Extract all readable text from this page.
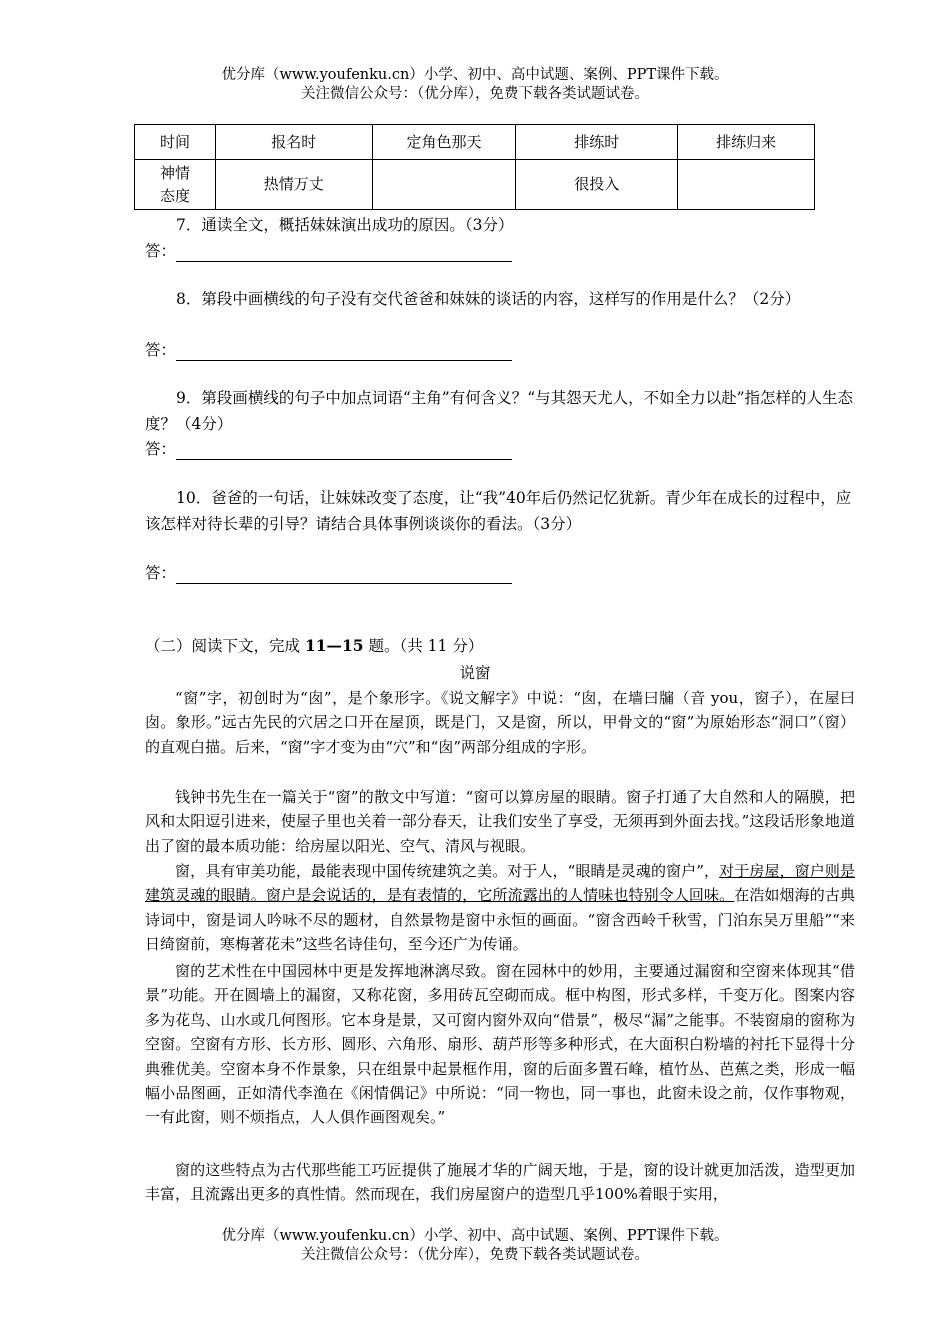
优分库（www.youfenku.cn）小学、初中、高中试题、案例、PPT课件下载。
关注微信公众号：（优分库），免费下载各类试题试卷。
时间	报名时	定角色那天	排练时	排练归来

神情
态度	热情万丈		很投入	
7．通读全文，概括妹妹演出成功的原因。（3分）
答：
8．第段中画横线的句子没有交代爸爸和妹妹的谈话的内容，这样写的作用是什么？（2分）
答：
9．第段画横线的句子中加点词语“主角”有何含义？“与其怨天尤人，不如全力以赴”指怎样的人生态度？（4分）
答：
10．爸爸的一句话，让妹妹改变了态度，让“我”40年后仍然记忆犹新。青少年在成长的过程中，应该怎样对待长辈的引导？请结合具体事例谈谈你的看法。（3分）
答：
（二）阅读下文，完成 11—15 题。（共 11 分）
说窗
“窗”字，初创时为“囱”，是个象形字。《说文解字》中说：“囱，在墙曰牖（音 you，窗子），在屋曰囱。象形。”远古先民的穴居之口开在屋顶，既是门，又是窗，所以，甲骨文的“窗”为原始形态“洞口”（窗）的直观白描。后来，“窗”字才变为由“穴”和“囱”两部分组成的字形。
钱钟书先生在一篇关于“窗”的散文中写道：“窗可以算房屋的眼睛。窗子打通了大自然和人的隔膜，把风和太阳逗引进来，使屋子里也关着一部分春天，让我们安坐了享受，无须再到外面去找。”这段话形象地道出了窗的最本质功能：给房屋以阳光、空气、清风与视眼。
窗，具有审美功能，最能表现中国传统建筑之美。对于人，“眼睛是灵魂的窗户”，对于房屋，窗户则是建筑灵魂的眼睛。窗户是会说话的，是有表情的，它所流露出的人情味也特别令人回味。在浩如烟海的古典诗词中，窗是词人吟咏不尽的题材，自然景物是窗中永恒的画面。“窗含西岭千秋雪，门泊东吴万里船”“来日绮窗前，寒梅著花未”这些名诗佳句，至今还广为传诵。
窗的艺术性在中国园林中更是发挥地淋漓尽致。窗在园林中的妙用，主要通过漏窗和空窗来体现其“借景”功能。开在圆墙上的漏窗，又称花窗，多用砖瓦空砌而成。框中构图，形式多样，千变万化。图案内容多为花鸟、山水或几何图形。它本身是景，又可窗内窗外双向“借景”，极尽“漏”之能事。不装窗扇的窗称为空窗。空窗有方形、长方形、圆形、六角形、扇形、葫芦形等多种形式，在大面积白粉墙的衬托下显得十分典雅优美。空窗本身不作景象，只在组景中起景框作用，窗的后面多置石峰，植竹丛、芭蕉之类，形成一幅幅小品图画，正如清代李渔在《闲情偶记》中所说：“同一物也，同一事也，此窗未设之前，仅作事物观，一有此窗，则不烦指点，人人俱作画图观矣。”
窗的这些特点为古代那些能工巧匠提供了施展才华的广阔天地，于是，窗的设计就更加活泼，造型更加丰富，且流露出更多的真性情。然而现在，我们房屋窗户的造型几乎100%着眼于实用，
优分库（www.youfenku.cn）小学、初中、高中试题、案例、PPT课件下载。
关注微信公众号：（优分库），免费下载各类试题试卷。
